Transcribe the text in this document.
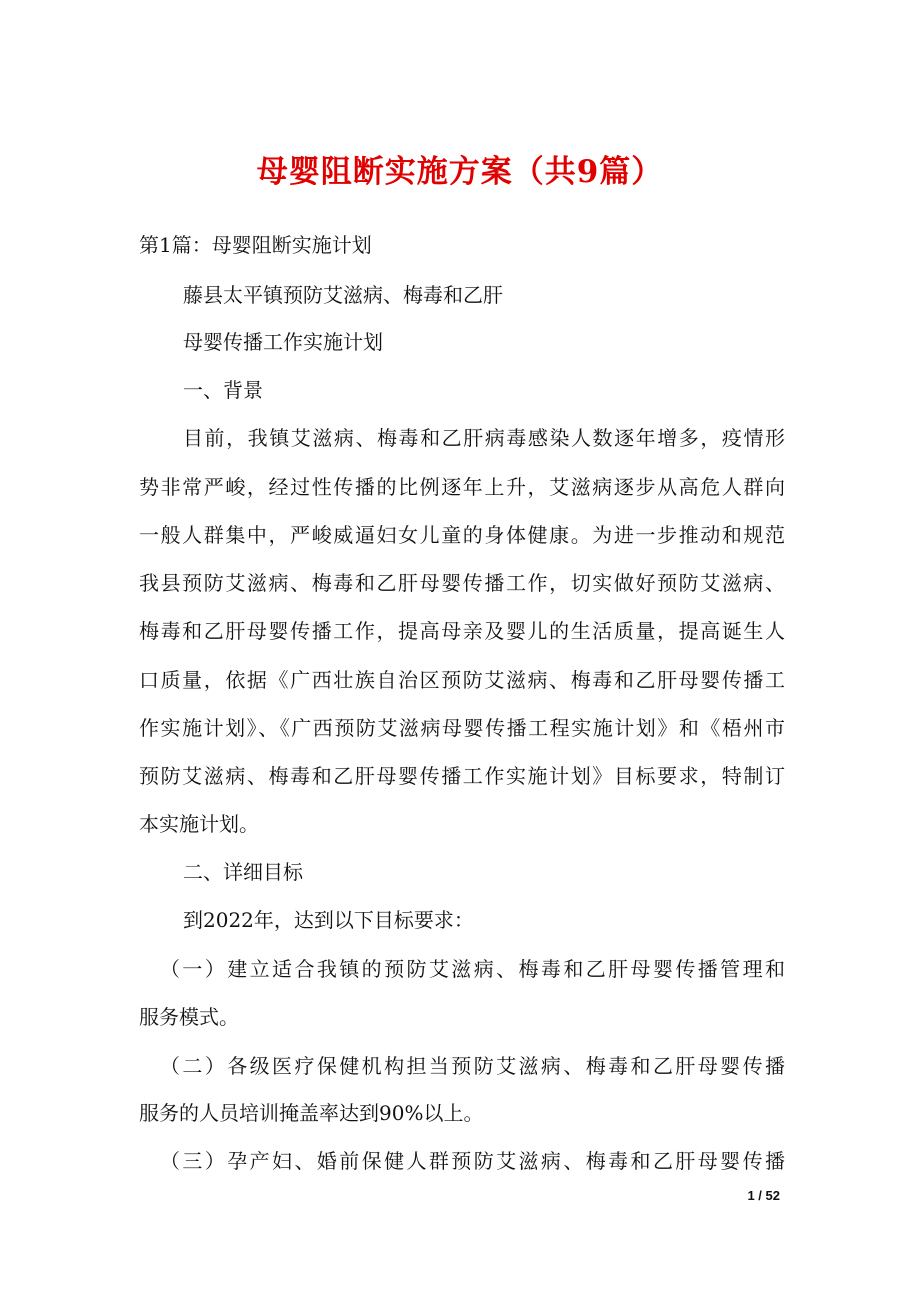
母婴阻断实施方案（共9篇）
第1篇：母婴阻断实施计划
藤县太平镇预防艾滋病、梅毒和乙肝
母婴传播工作实施计划
一、背景
目前，我镇艾滋病、梅毒和乙肝病毒感染人数逐年增多，疫情形
势非常严峻，经过性传播的比例逐年上升，艾滋病逐步从高危人群向
一般人群集中，严峻威逼妇女儿童的身体健康。为进一步推动和规范
我县预防艾滋病、梅毒和乙肝母婴传播工作，切实做好预防艾滋病、
梅毒和乙肝母婴传播工作，提高母亲及婴儿的生活质量，提高诞生人
口质量，依据《广西壮族自治区预防艾滋病、梅毒和乙肝母婴传播工
作实施计划》、《广西预防艾滋病母婴传播工程实施计划》和《梧州市
预防艾滋病、梅毒和乙肝母婴传播工作实施计划》目标要求，特制订
本实施计划。
二、详细目标
到2022年，达到以下目标要求：
（一）建立适合我镇的预防艾滋病、梅毒和乙肝母婴传播管理和
服务模式。
（二）各级医疗保健机构担当预防艾滋病、梅毒和乙肝母婴传播
服务的人员培训掩盖率达到90%以上。
（三）孕产妇、婚前保健人群预防艾滋病、梅毒和乙肝母婴传播
1 / 52
